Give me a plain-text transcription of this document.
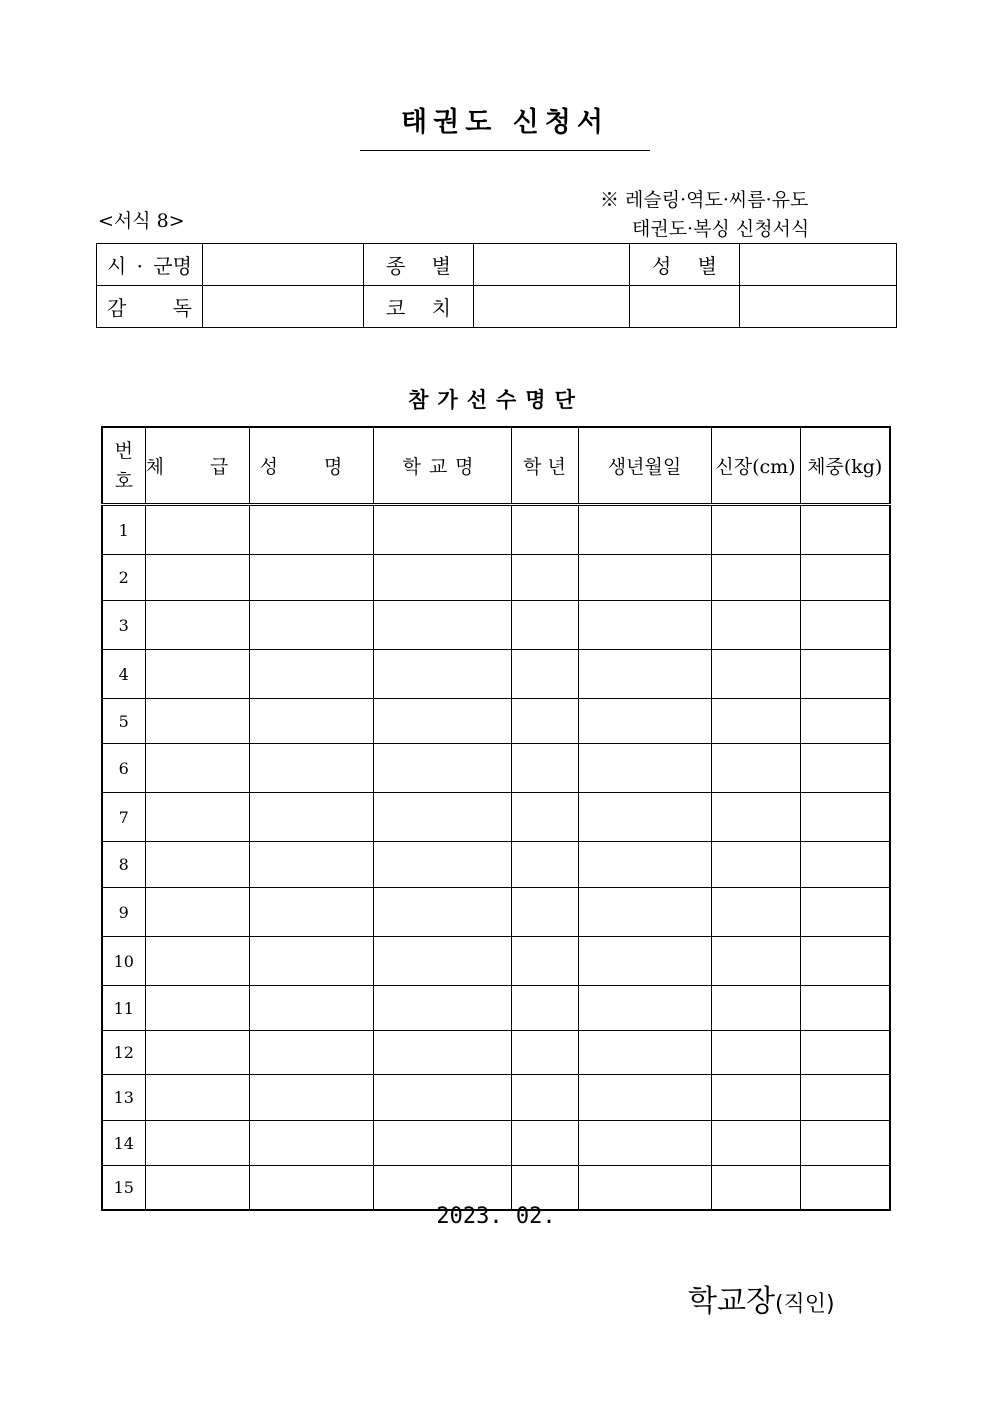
태권도 신청서
※ 레슬링·역도·씨름·유도
태권도·복싱 신청서식
<서식 8>
시 · 군명		종 별		성 별	
감 독		코 치			
참가선수명단
번호	체 급	성 명	학교명	학 년	생년월일	신장(cm)	체중(kg)
1							
2							
3							
4							
5							
6							
7							
8							
9							
10							
11							
12							
13							
14							
15							
2023. 02.
학교장(직인)
